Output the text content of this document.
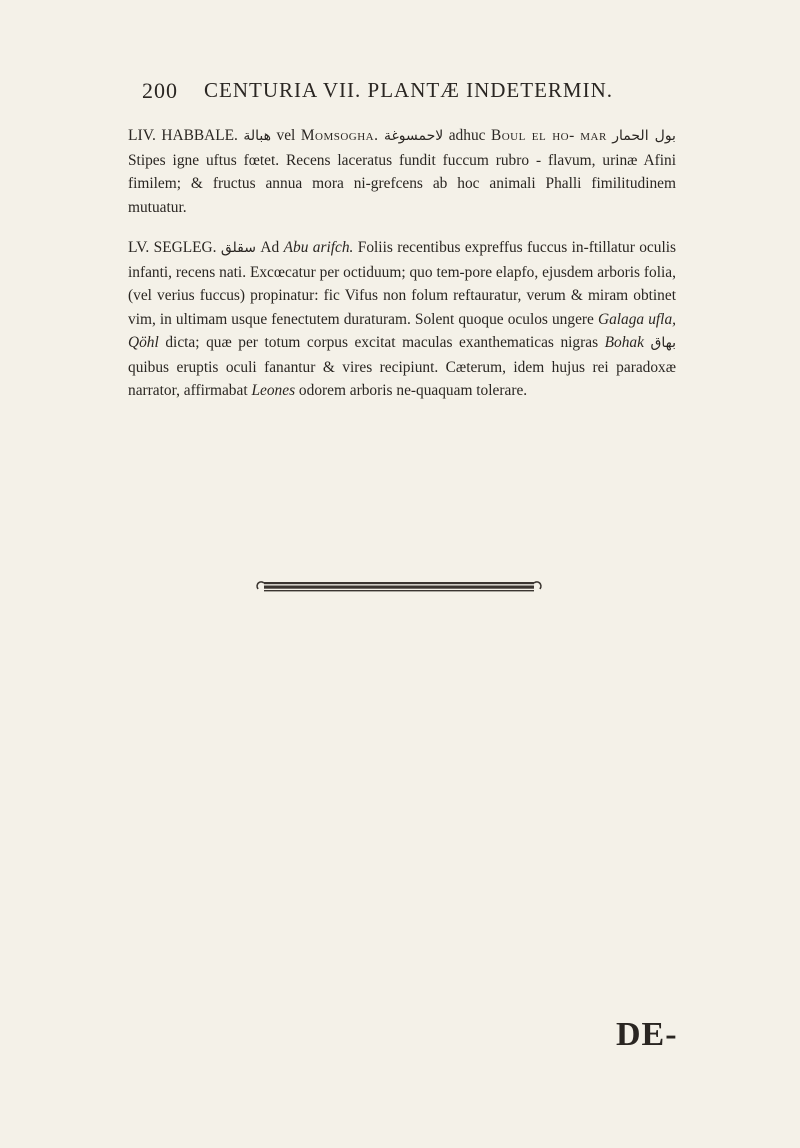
200 CENTURIA VII. PLANTÆ INDETERMIN.
LIV. HABBALE. هبالة vel Momsogha. لاحمسوغة adhuc Boul el ho- mar بول الحمار Stipes igne uftus fœtet. Recens laceratus fundit fuccum rubro - flavum, urinæ Afini fimilem; & fructus annua mora ni-grefcens ab hoc animali Phalli fimilitudinem mutuatur.
LV. SEGLEG. سقلق Ad Abu arifch. Foliis recentibus expreffus fuccus in-ftillatur oculis infanti, recens nati. Excœcatur per octiduum; quo tem-pore elapfo, ejusdem arboris folia, (vel verius fuccus) propinatur: fic Vifus non folum reftauratur, verum & miram obtinet vim, in ultimam usque fenectutem duraturam. Solent quoque oculos ungere Galaga ufla, Qöhl dicta; quæ per totum corpus excitat maculas exanthematicas nigras Bohak بهاق quibus eruptis oculi fanantur & vires recipiunt. Cæterum, idem hujus rei paradoxæ narrator, affirmabat Leones odorem arboris ne-quaquam tolerare.
DE-
